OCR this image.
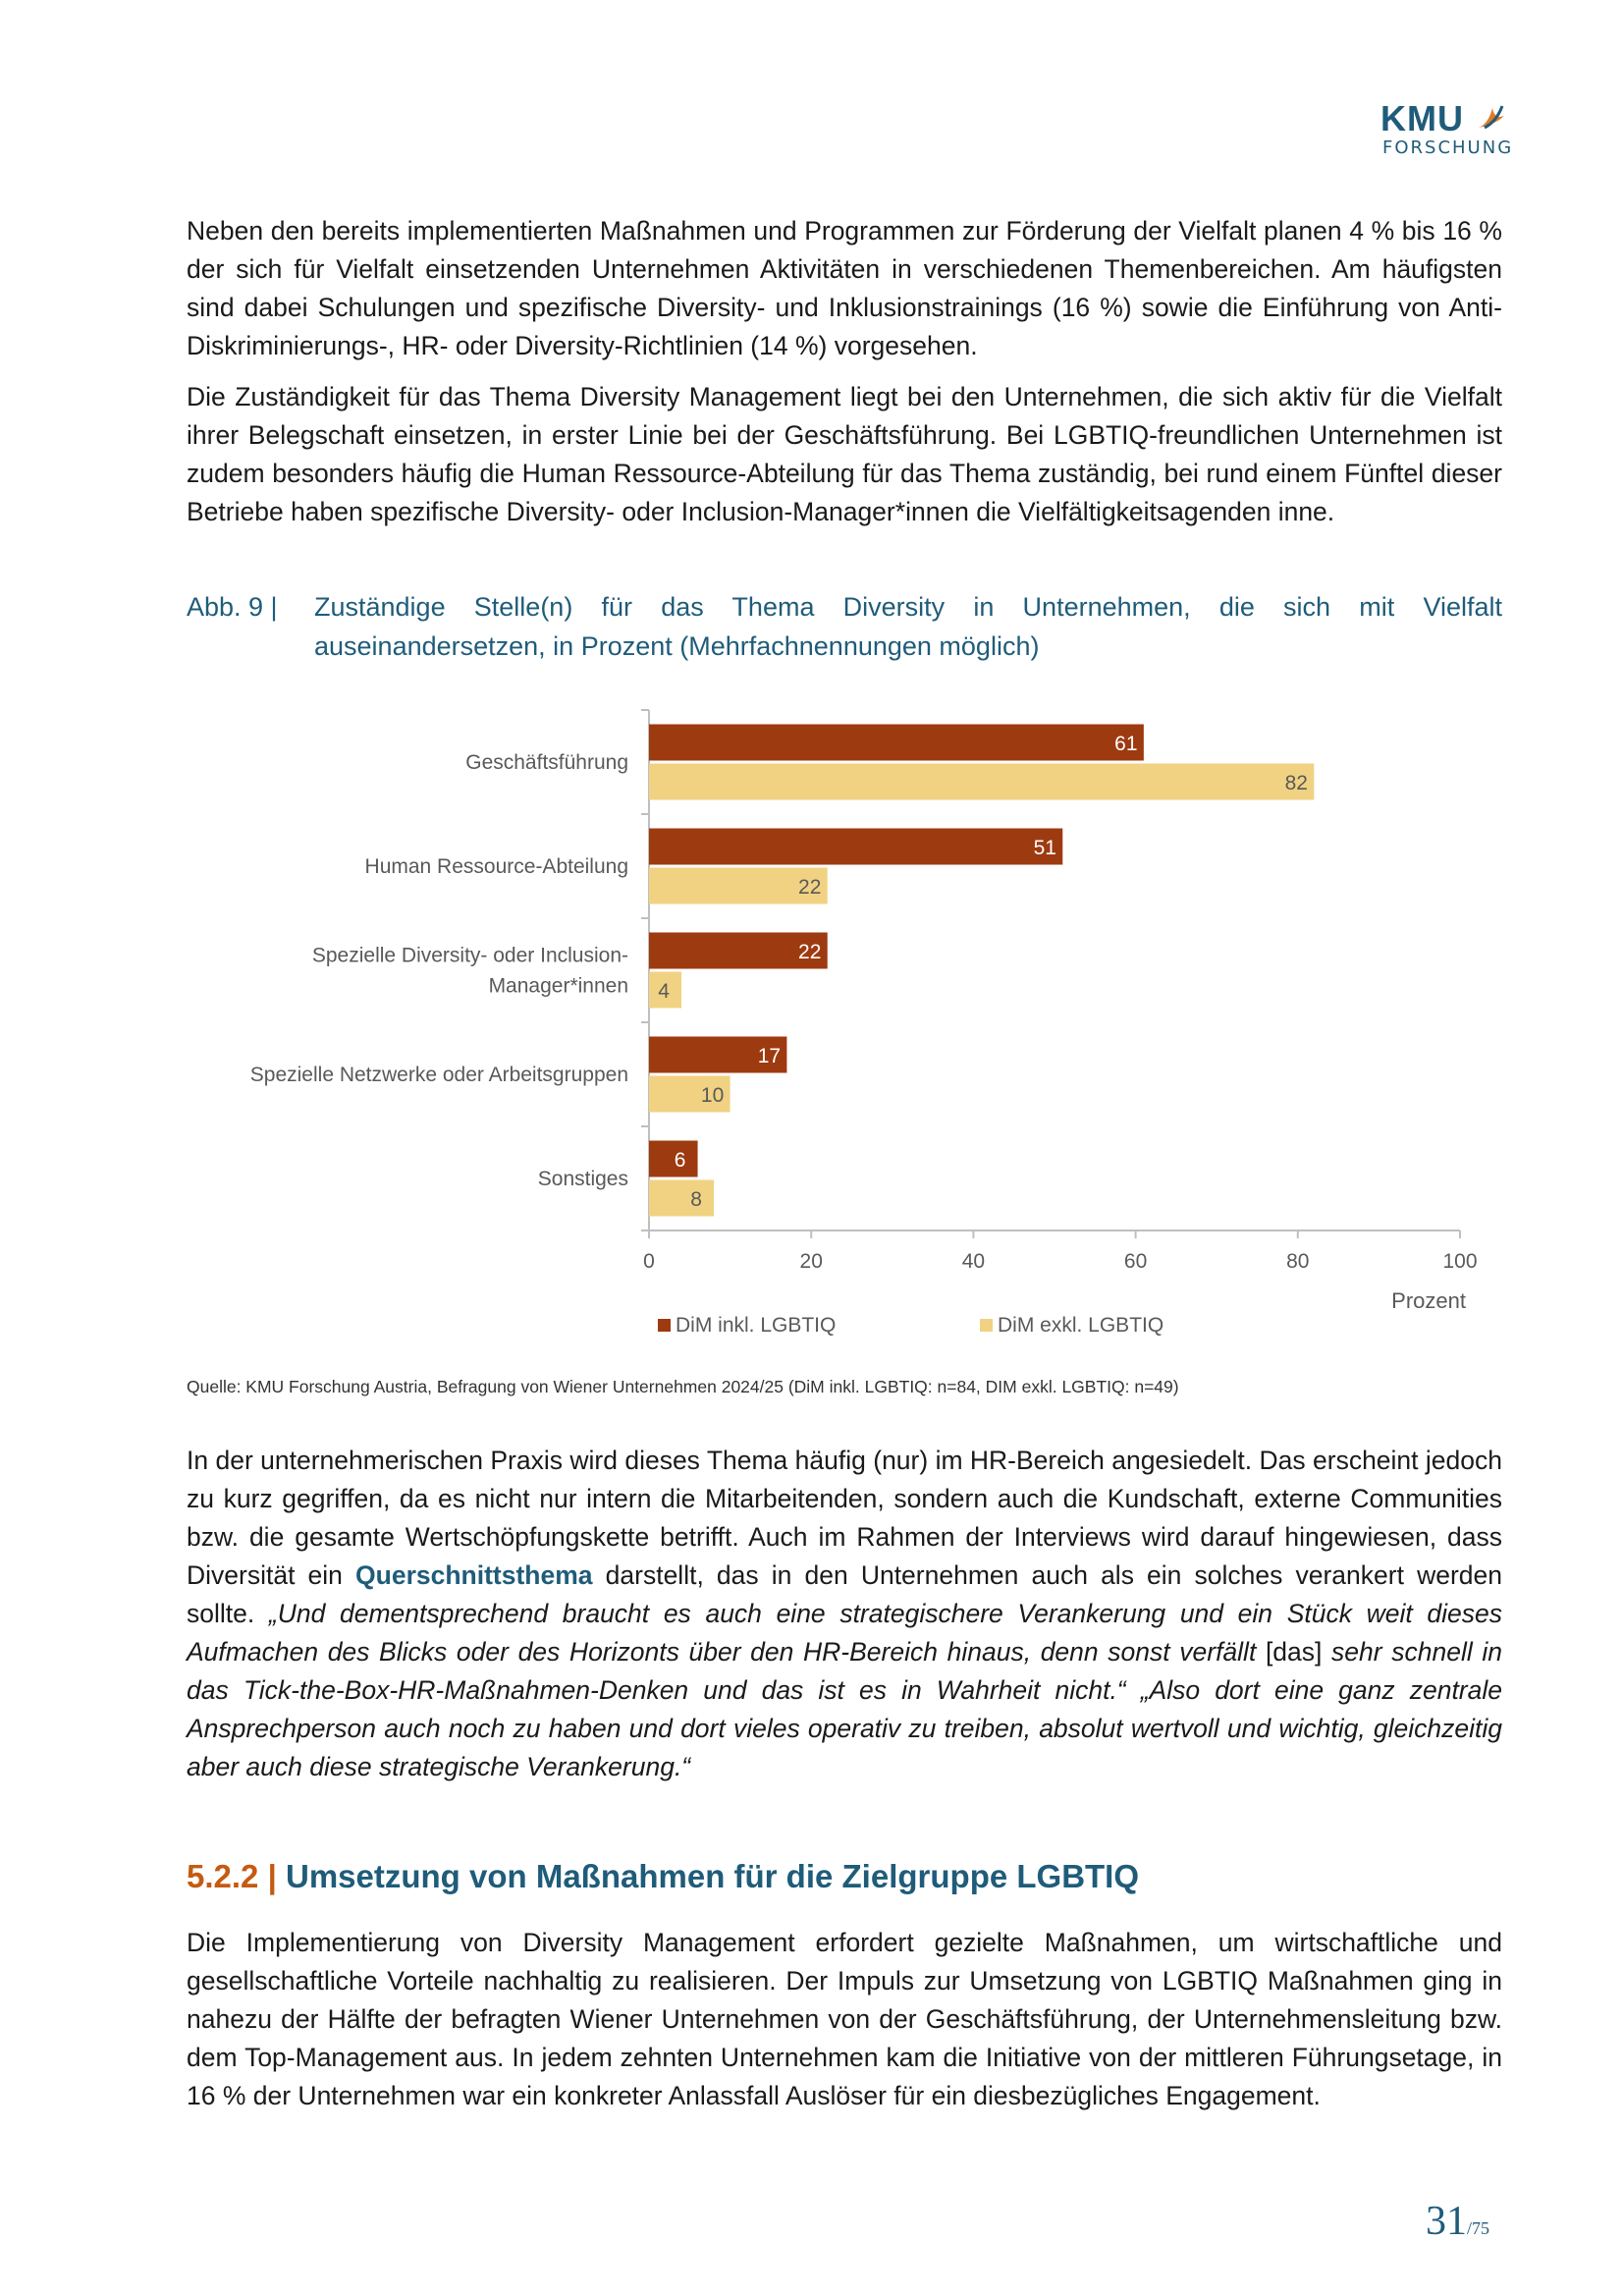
KMU
FORSCHUNG

Neben den bereits implementierten Maßnahmen und Programmen zur Förderung der Vielfalt planen 4 % bis 16 % der sich für Vielfalt einsetzenden Unternehmen Aktivitäten in verschiedenen Themenbereichen. Am häufigsten sind dabei Schulungen und spezifische Diversity- und Inklusionstrainings (16 %) sowie die Einführung von Anti-Diskriminierungs-, HR- oder Diversity-Richtlinien (14 %) vorgesehen.

Die Zuständigkeit für das Thema Diversity Management liegt bei den Unternehmen, die sich aktiv für die Vielfalt ihrer Belegschaft einsetzen, in erster Linie bei der Geschäftsführung. Bei LGBTIQ-freundlichen Unternehmen ist zudem besonders häufig die Human Ressource-Abteilung für das Thema zuständig, bei rund einem Fünftel dieser Betriebe haben spezifische Diversity- oder Inclusion-Manager*innen die Vielfältigkeitsagenden inne.

Abb. 9 | Zuständige Stelle(n) für das Thema Diversity in Unternehmen, die sich mit Vielfalt auseinandersetzen, in Prozent (Mehrfachnennungen möglich)
0	20	40	60	80	100
Prozent
Geschäftsführung
61
82
Human Ressource-Abteilung
51
22
Spezielle Diversity- oder Inclusion-
Manager*innen
22
4
Spezielle Netzwerke oder Arbeitsgruppen
17
10
Sonstiges
6
8
DiM inkl. LGBTIQ	DiM exkl. LGBTIQ
Quelle: KMU Forschung Austria, Befragung von Wiener Unternehmen 2024/25 (DiM inkl. LGBTIQ: n=84, DIM exkl. LGBTIQ: n=49)

In der unternehmerischen Praxis wird dieses Thema häufig (nur) im HR-Bereich angesiedelt. Das erscheint jedoch zu kurz gegriffen, da es nicht nur intern die Mitarbeitenden, sondern auch die Kundschaft, externe Communities bzw. die gesamte Wertschöpfungskette betrifft. Auch im Rahmen der Interviews wird darauf hingewiesen, dass Diversität ein Querschnittsthema darstellt, das in den Unternehmen auch als ein solches verankert werden sollte. „Und dementsprechend braucht es auch eine strategischere Verankerung und ein Stück weit dieses Aufmachen des Blicks oder des Horizonts über den HR-Bereich hinaus, denn sonst verfällt [das] sehr schnell in das Tick-the-Box-HR-Maßnahmen-Denken und das ist es in Wahrheit nicht.“ „Also dort eine ganz zentrale Ansprechperson auch noch zu haben und dort vieles operativ zu treiben, absolut wertvoll und wichtig, gleichzeitig aber auch diese strategische Verankerung.“

5.2.2 | Umsetzung von Maßnahmen für die Zielgruppe LGBTIQ

Die Implementierung von Diversity Management erfordert gezielte Maßnahmen, um wirtschaftliche und gesellschaftliche Vorteile nachhaltig zu realisieren. Der Impuls zur Umsetzung von LGBTIQ Maßnahmen ging in nahezu der Hälfte der befragten Wiener Unternehmen von der Geschäftsführung, der Unternehmensleitung bzw. dem Top-Management aus. In jedem zehnten Unternehmen kam die Initiative von der mittleren Führungsetage, in 16 % der Unternehmen war ein konkreter Anlassfall Auslöser für ein diesbezügliches Engagement.

31/75
